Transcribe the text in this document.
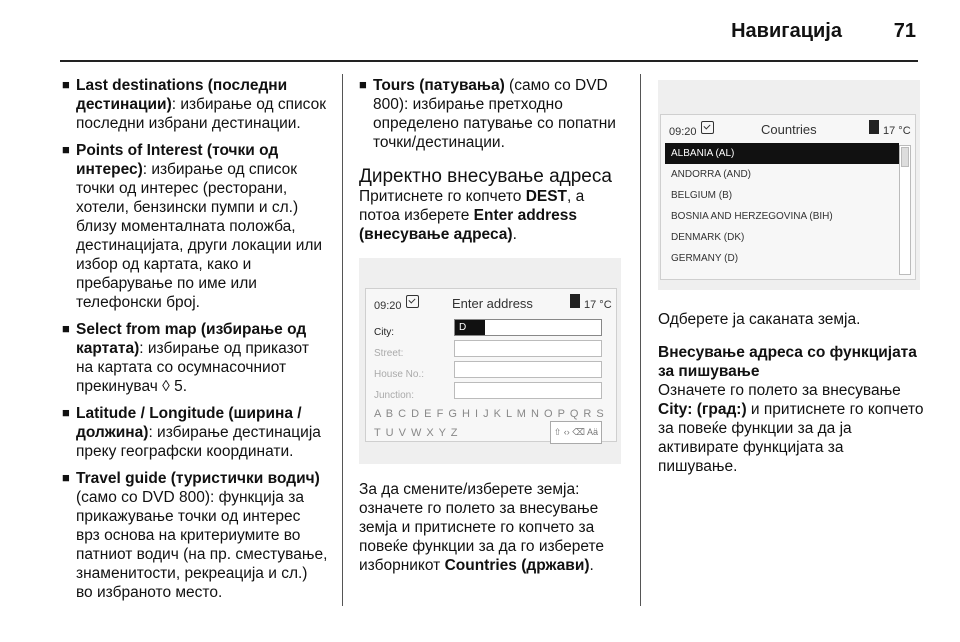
Навигација	71
■ Last destinations (последни дестинации): избирање од список последни избрани дестинации.
■ Points of Interest (точки од интерес): избирање од список точки од интерес (ресторани, хотели, бензински пумпи и сл.) близу моменталната положба, дестинацијата, други локации или избор од картата, како и пребарување по име или телефонски број.
■ Select from map (избирање од картата): избирање од приказот на картата со осумнасочниот прекинувач ◊ 5.
■ Latitude / Longitude (ширина / должина): избирање дестинација преку географски координати.
■ Travel guide (туристички водич) (само со DVD 800): функција за прикажување точки од интерес врз основа на критериумите во патниот водич (на пр. сместување, знаменитости, рекреација и сл.) во избраното место.
■ Tours (патувања) (само со DVD 800): избирање претходно определено патување со попатни точки/дестинации.
Директно внесување адреса

Притиснете го копчето DEST, а потоа изберете Enter address (внесување адреса).

09:20	Enter address	17 °C
City:	D
Street:
House No.:
Junction:
A B C D E F G H I J K L M N O P Q R S T U V W X Y Z	⇧ ‹› ⌫ Aä

За да смените/изберете земја: означете го полето за внесување земја и притиснете го копчето за повеќе функции за да го изберете изборникот Countries (држави).

09:20	Countries	17 °C
ALBANIA (AL)
ANDORRA (AND)
BELGIUM (B)
BOSNIA AND HERZEGOVINA (BIH)
DENMARK (DK)
GERMANY (D)

Одберете ја саканата земја.

Внесување адреса со функцијата за пишување

Означете го полето за внесување City: (град:) и притиснете го копчето за повеќе функции за да ја активирате функцијата за пишување.
